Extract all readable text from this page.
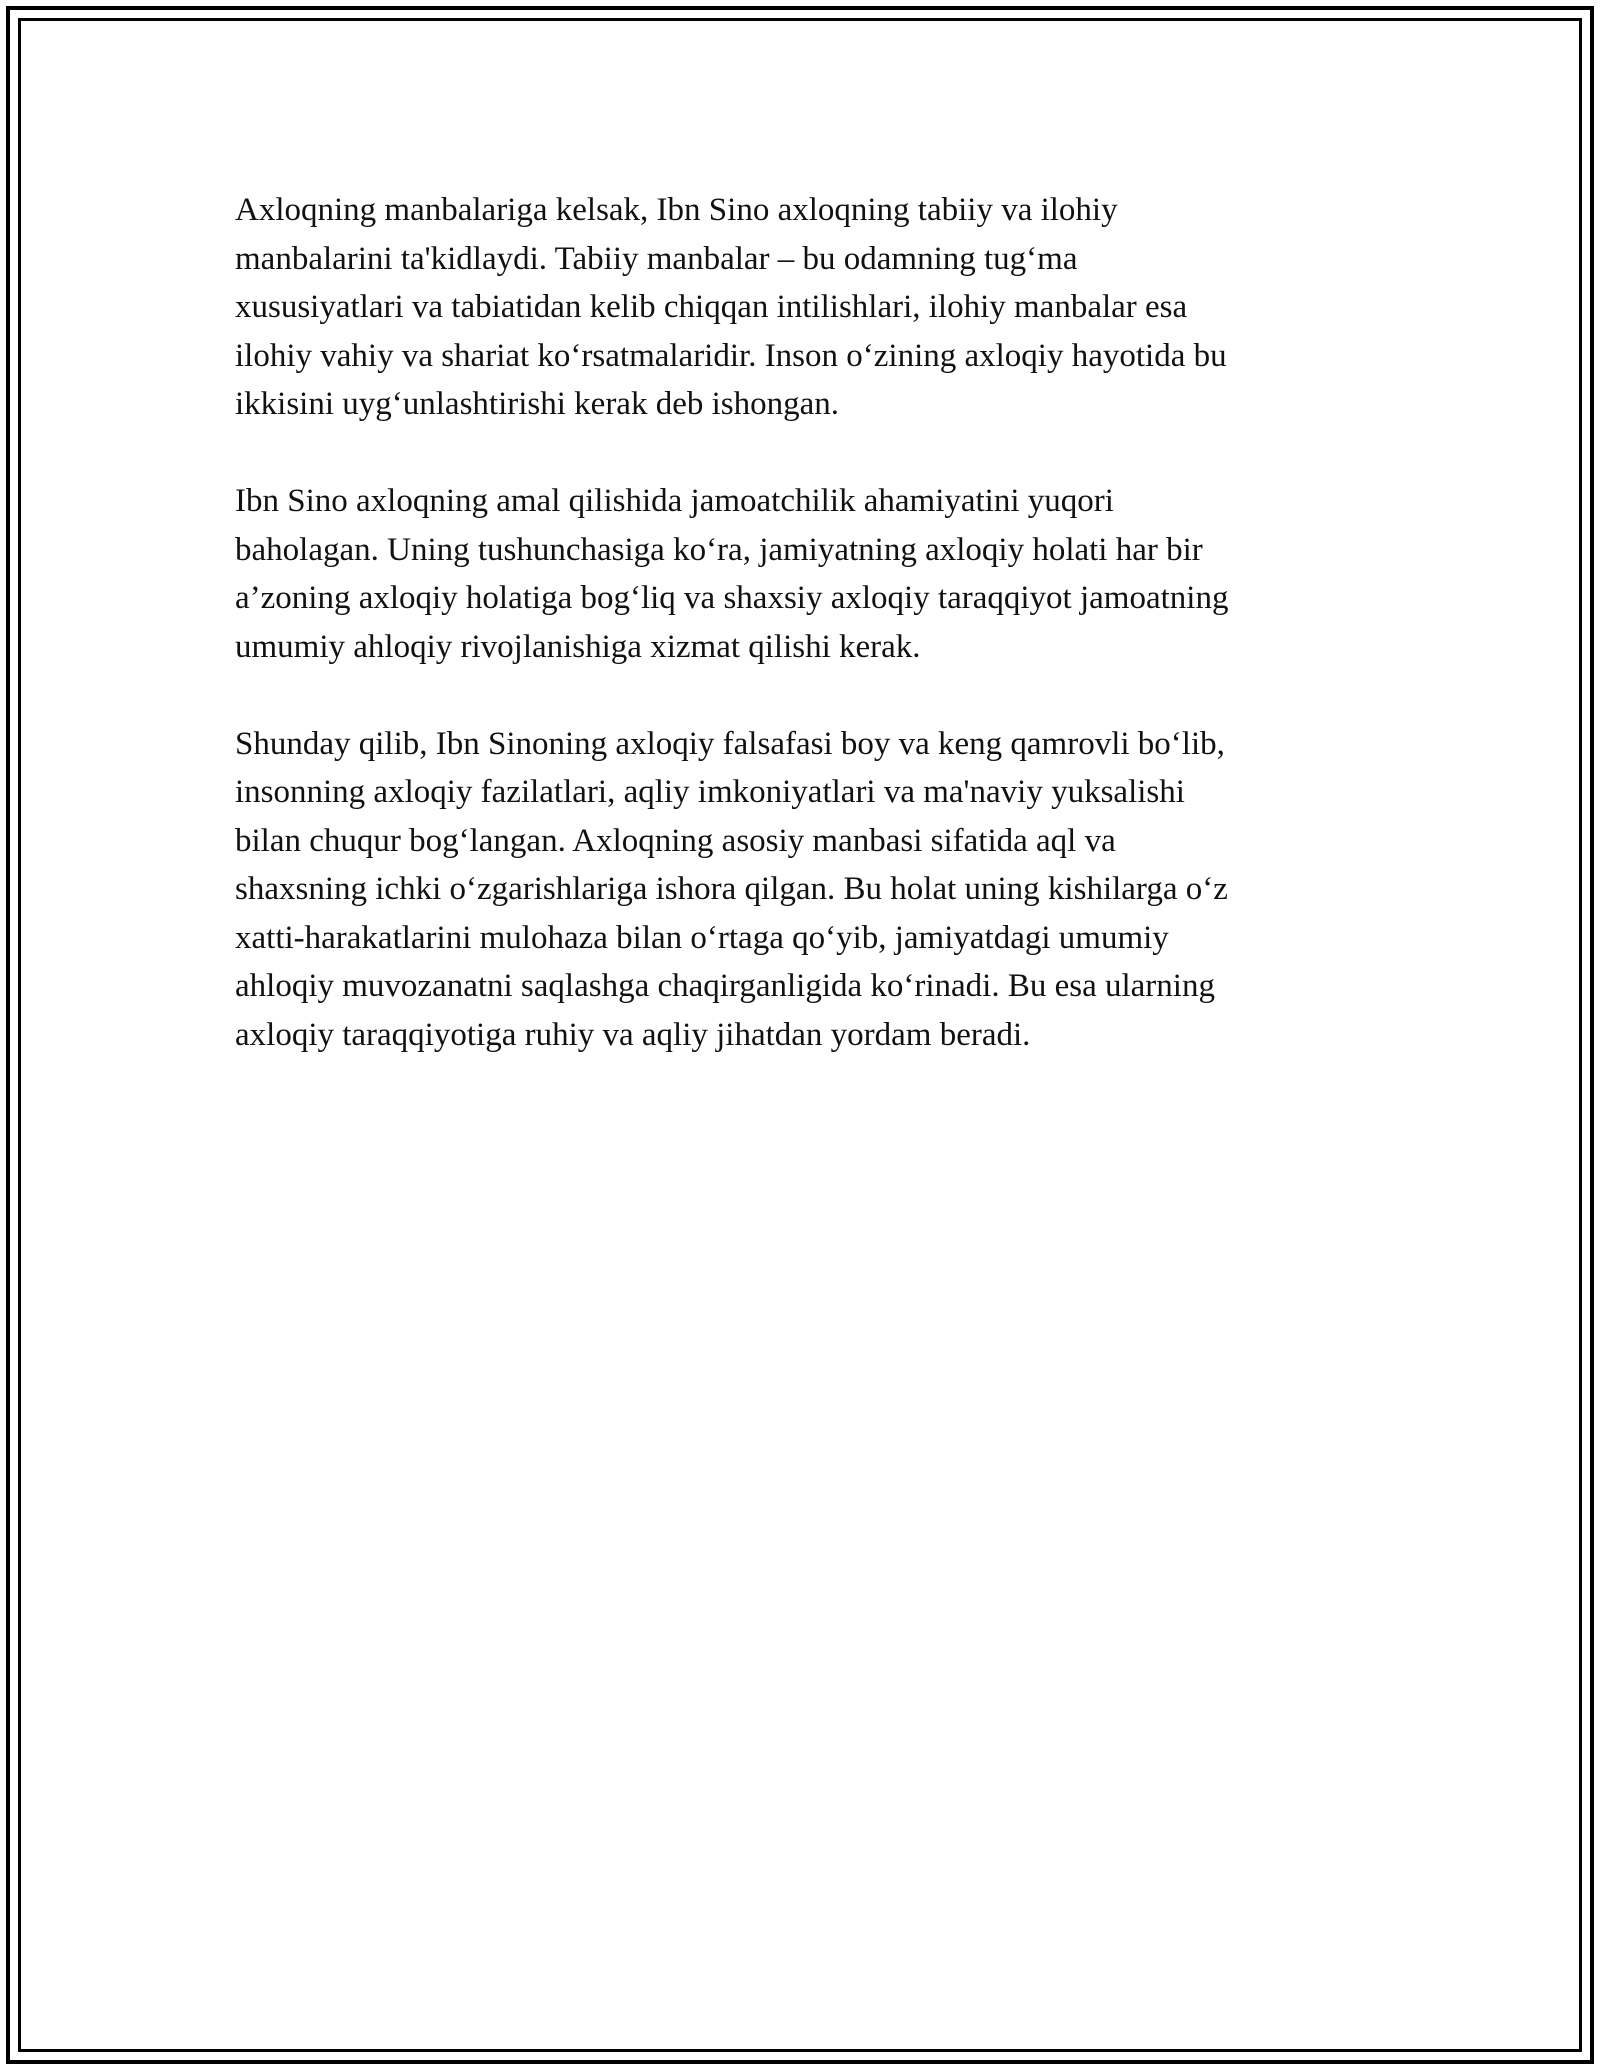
Axloqning manbalariga kelsak, Ibn Sino axloqning tabiiy va ilohiy
manbalarini ta'kidlaydi. Tabiiy manbalar – bu odamning tug‘ma
xususiyatlari va tabiatidan kelib chiqqan intilishlari, ilohiy manbalar esa
ilohiy vahiy va shariat ko‘rsatmalaridir. Inson o‘zining axloqiy hayotida bu
ikkisini uyg‘unlashtirishi kerak deb ishongan.

Ibn Sino axloqning amal qilishida jamoatchilik ahamiyatini yuqori
baholagan. Uning tushunchasiga ko‘ra, jamiyatning axloqiy holati har bir
a’zoning axloqiy holatiga bog‘liq va shaxsiy axloqiy taraqqiyot jamoatning
umumiy ahloqiy rivojlanishiga xizmat qilishi kerak.

Shunday qilib, Ibn Sinoning axloqiy falsafasi boy va keng qamrovli bo‘lib,
insonning axloqiy fazilatlari, aqliy imkoniyatlari va ma'naviy yuksalishi
bilan chuqur bog‘langan. Axloqning asosiy manbasi sifatida aql va
shaxsning ichki o‘zgarishlariga ishora qilgan. Bu holat uning kishilarga o‘z
xatti-harakatlarini mulohaza bilan o‘rtaga qo‘yib, jamiyatdagi umumiy
ahloqiy muvozanatni saqlashga chaqirganligida ko‘rinadi. Bu esa ularning
axloqiy taraqqiyotiga ruhiy va aqliy jihatdan yordam beradi.
